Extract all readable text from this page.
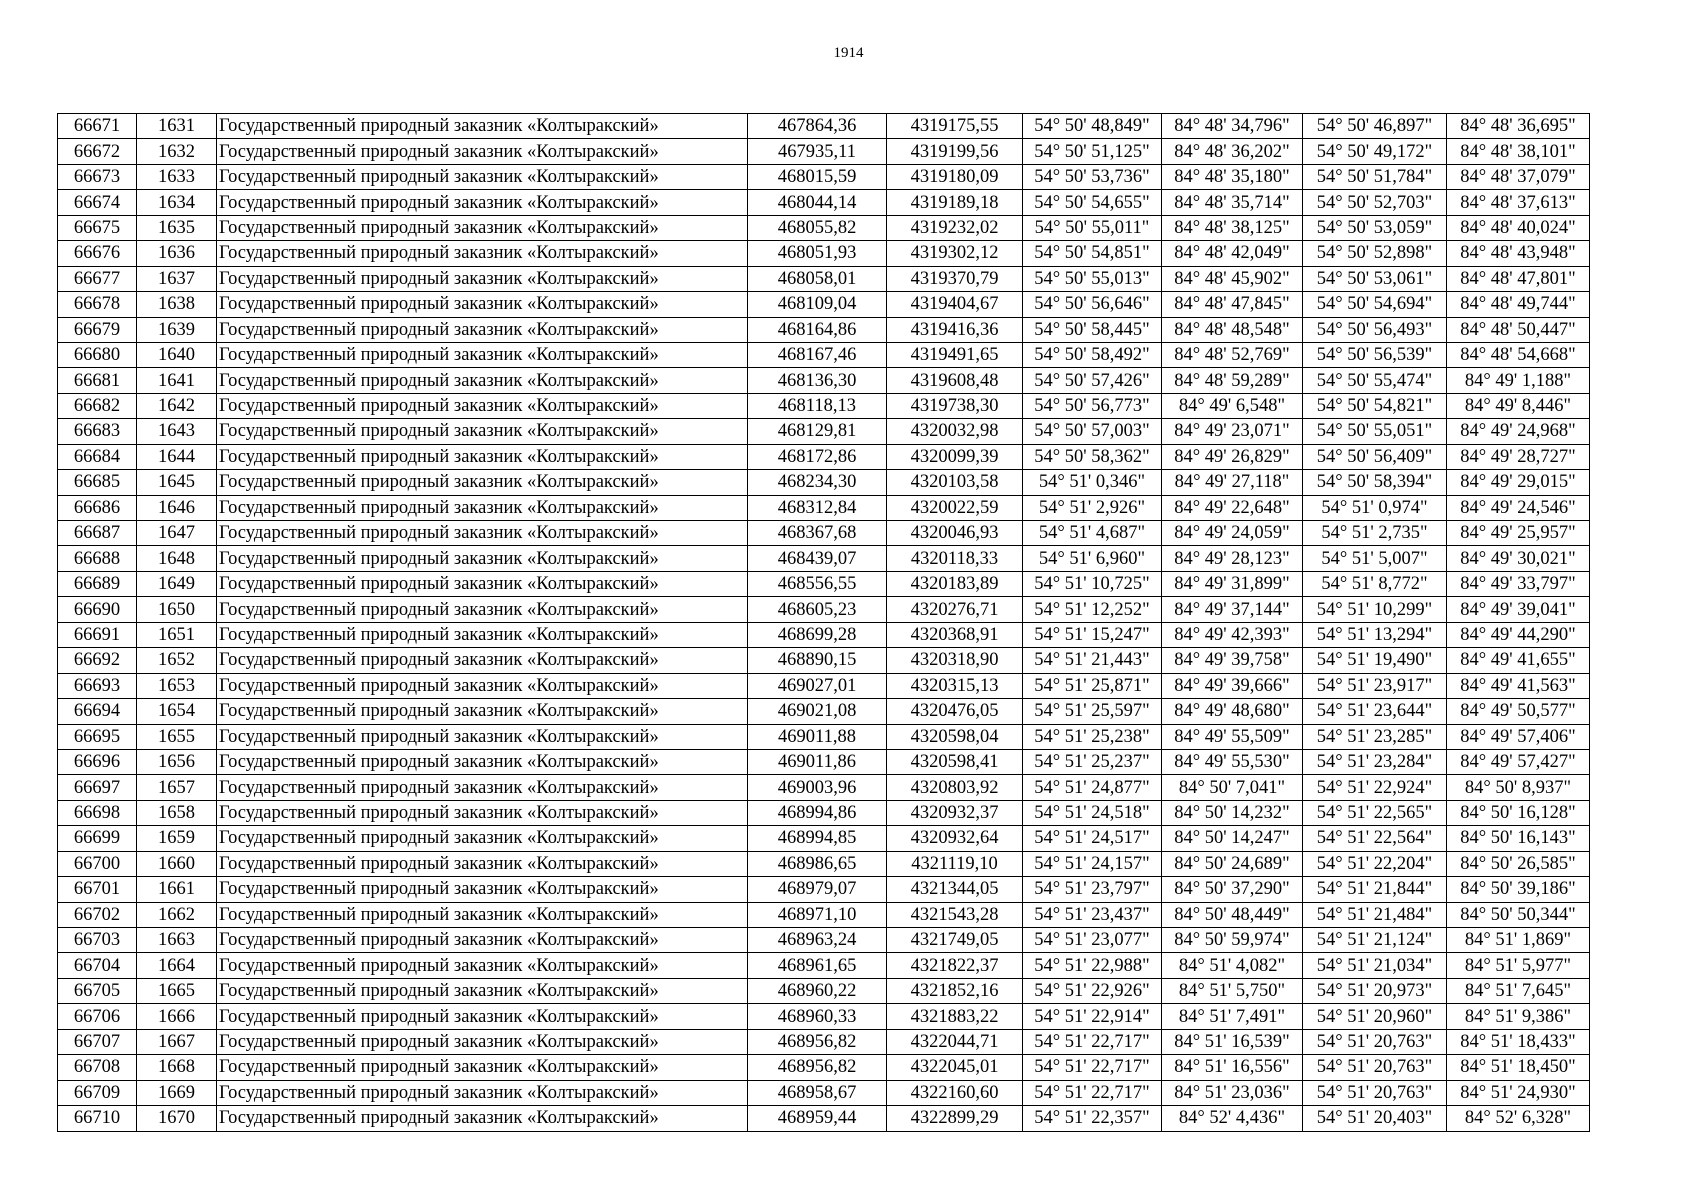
1914
66671	1631	Государственный природный заказник «Колтыракский»	467864,36	4319175,55	54° 50' 48,849"	84° 48' 34,796"	54° 50' 46,897"	84° 48' 36,695"
66672	1632	Государственный природный заказник «Колтыракский»	467935,11	4319199,56	54° 50' 51,125"	84° 48' 36,202"	54° 50' 49,172"	84° 48' 38,101"
66673	1633	Государственный природный заказник «Колтыракский»	468015,59	4319180,09	54° 50' 53,736"	84° 48' 35,180"	54° 50' 51,784"	84° 48' 37,079"
66674	1634	Государственный природный заказник «Колтыракский»	468044,14	4319189,18	54° 50' 54,655"	84° 48' 35,714"	54° 50' 52,703"	84° 48' 37,613"
66675	1635	Государственный природный заказник «Колтыракский»	468055,82	4319232,02	54° 50' 55,011"	84° 48' 38,125"	54° 50' 53,059"	84° 48' 40,024"
66676	1636	Государственный природный заказник «Колтыракский»	468051,93	4319302,12	54° 50' 54,851"	84° 48' 42,049"	54° 50' 52,898"	84° 48' 43,948"
66677	1637	Государственный природный заказник «Колтыракский»	468058,01	4319370,79	54° 50' 55,013"	84° 48' 45,902"	54° 50' 53,061"	84° 48' 47,801"
66678	1638	Государственный природный заказник «Колтыракский»	468109,04	4319404,67	54° 50' 56,646"	84° 48' 47,845"	54° 50' 54,694"	84° 48' 49,744"
66679	1639	Государственный природный заказник «Колтыракский»	468164,86	4319416,36	54° 50' 58,445"	84° 48' 48,548"	54° 50' 56,493"	84° 48' 50,447"
66680	1640	Государственный природный заказник «Колтыракский»	468167,46	4319491,65	54° 50' 58,492"	84° 48' 52,769"	54° 50' 56,539"	84° 48' 54,668"
66681	1641	Государственный природный заказник «Колтыракский»	468136,30	4319608,48	54° 50' 57,426"	84° 48' 59,289"	54° 50' 55,474"	84° 49' 1,188"
66682	1642	Государственный природный заказник «Колтыракский»	468118,13	4319738,30	54° 50' 56,773"	84° 49' 6,548"	54° 50' 54,821"	84° 49' 8,446"
66683	1643	Государственный природный заказник «Колтыракский»	468129,81	4320032,98	54° 50' 57,003"	84° 49' 23,071"	54° 50' 55,051"	84° 49' 24,968"
66684	1644	Государственный природный заказник «Колтыракский»	468172,86	4320099,39	54° 50' 58,362"	84° 49' 26,829"	54° 50' 56,409"	84° 49' 28,727"
66685	1645	Государственный природный заказник «Колтыракский»	468234,30	4320103,58	54° 51' 0,346"	84° 49' 27,118"	54° 50' 58,394"	84° 49' 29,015"
66686	1646	Государственный природный заказник «Колтыракский»	468312,84	4320022,59	54° 51' 2,926"	84° 49' 22,648"	54° 51' 0,974"	84° 49' 24,546"
66687	1647	Государственный природный заказник «Колтыракский»	468367,68	4320046,93	54° 51' 4,687"	84° 49' 24,059"	54° 51' 2,735"	84° 49' 25,957"
66688	1648	Государственный природный заказник «Колтыракский»	468439,07	4320118,33	54° 51' 6,960"	84° 49' 28,123"	54° 51' 5,007"	84° 49' 30,021"
66689	1649	Государственный природный заказник «Колтыракский»	468556,55	4320183,89	54° 51' 10,725"	84° 49' 31,899"	54° 51' 8,772"	84° 49' 33,797"
66690	1650	Государственный природный заказник «Колтыракский»	468605,23	4320276,71	54° 51' 12,252"	84° 49' 37,144"	54° 51' 10,299"	84° 49' 39,041"
66691	1651	Государственный природный заказник «Колтыракский»	468699,28	4320368,91	54° 51' 15,247"	84° 49' 42,393"	54° 51' 13,294"	84° 49' 44,290"
66692	1652	Государственный природный заказник «Колтыракский»	468890,15	4320318,90	54° 51' 21,443"	84° 49' 39,758"	54° 51' 19,490"	84° 49' 41,655"
66693	1653	Государственный природный заказник «Колтыракский»	469027,01	4320315,13	54° 51' 25,871"	84° 49' 39,666"	54° 51' 23,917"	84° 49' 41,563"
66694	1654	Государственный природный заказник «Колтыракский»	469021,08	4320476,05	54° 51' 25,597"	84° 49' 48,680"	54° 51' 23,644"	84° 49' 50,577"
66695	1655	Государственный природный заказник «Колтыракский»	469011,88	4320598,04	54° 51' 25,238"	84° 49' 55,509"	54° 51' 23,285"	84° 49' 57,406"
66696	1656	Государственный природный заказник «Колтыракский»	469011,86	4320598,41	54° 51' 25,237"	84° 49' 55,530"	54° 51' 23,284"	84° 49' 57,427"
66697	1657	Государственный природный заказник «Колтыракский»	469003,96	4320803,92	54° 51' 24,877"	84° 50' 7,041"	54° 51' 22,924"	84° 50' 8,937"
66698	1658	Государственный природный заказник «Колтыракский»	468994,86	4320932,37	54° 51' 24,518"	84° 50' 14,232"	54° 51' 22,565"	84° 50' 16,128"
66699	1659	Государственный природный заказник «Колтыракский»	468994,85	4320932,64	54° 51' 24,517"	84° 50' 14,247"	54° 51' 22,564"	84° 50' 16,143"
66700	1660	Государственный природный заказник «Колтыракский»	468986,65	4321119,10	54° 51' 24,157"	84° 50' 24,689"	54° 51' 22,204"	84° 50' 26,585"
66701	1661	Государственный природный заказник «Колтыракский»	468979,07	4321344,05	54° 51' 23,797"	84° 50' 37,290"	54° 51' 21,844"	84° 50' 39,186"
66702	1662	Государственный природный заказник «Колтыракский»	468971,10	4321543,28	54° 51' 23,437"	84° 50' 48,449"	54° 51' 21,484"	84° 50' 50,344"
66703	1663	Государственный природный заказник «Колтыракский»	468963,24	4321749,05	54° 51' 23,077"	84° 50' 59,974"	54° 51' 21,124"	84° 51' 1,869"
66704	1664	Государственный природный заказник «Колтыракский»	468961,65	4321822,37	54° 51' 22,988"	84° 51' 4,082"	54° 51' 21,034"	84° 51' 5,977"
66705	1665	Государственный природный заказник «Колтыракский»	468960,22	4321852,16	54° 51' 22,926"	84° 51' 5,750"	54° 51' 20,973"	84° 51' 7,645"
66706	1666	Государственный природный заказник «Колтыракский»	468960,33	4321883,22	54° 51' 22,914"	84° 51' 7,491"	54° 51' 20,960"	84° 51' 9,386"
66707	1667	Государственный природный заказник «Колтыракский»	468956,82	4322044,71	54° 51' 22,717"	84° 51' 16,539"	54° 51' 20,763"	84° 51' 18,433"
66708	1668	Государственный природный заказник «Колтыракский»	468956,82	4322045,01	54° 51' 22,717"	84° 51' 16,556"	54° 51' 20,763"	84° 51' 18,450"
66709	1669	Государственный природный заказник «Колтыракский»	468958,67	4322160,60	54° 51' 22,717"	84° 51' 23,036"	54° 51' 20,763"	84° 51' 24,930"
66710	1670	Государственный природный заказник «Колтыракский»	468959,44	4322899,29	54° 51' 22,357"	84° 52' 4,436"	54° 51' 20,403"	84° 52' 6,328"
